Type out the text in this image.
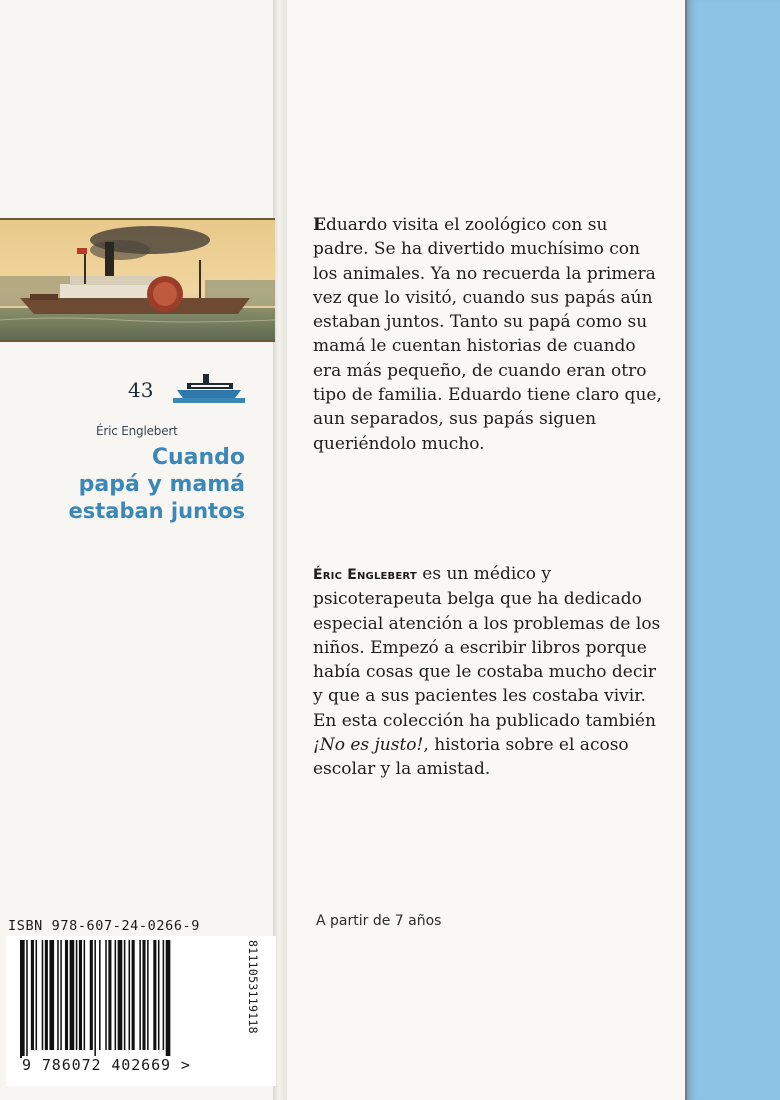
43
Éric Englebert
Cuando
papá y mamá
estaban juntos

Eduardo visita el zoológico con su padre. Se ha divertido muchísimo con los animales. Ya no recuerda la primera vez que lo visitó, cuando sus papás aún estaban juntos. Tanto su papá como su mamá le cuentan historias de cuando era más pequeño, de cuando eran otro tipo de familia. Eduardo tiene claro que, aun separados, sus papás siguen queriéndolo mucho.

Éric Englebert es un médico y psicoterapeuta belga que ha dedicado especial atención a los problemas de los niños. Empezó a escribir libros porque había cosas que le costaba mucho decir y que a sus pacientes les costaba vivir. En esta colección ha publicado también ¡No es justo!, historia sobre el acoso escolar y la amistad.

A partir de 7 años
ISBN 978-607-24-0266-9
9 786072 402669 >
8111053119118
